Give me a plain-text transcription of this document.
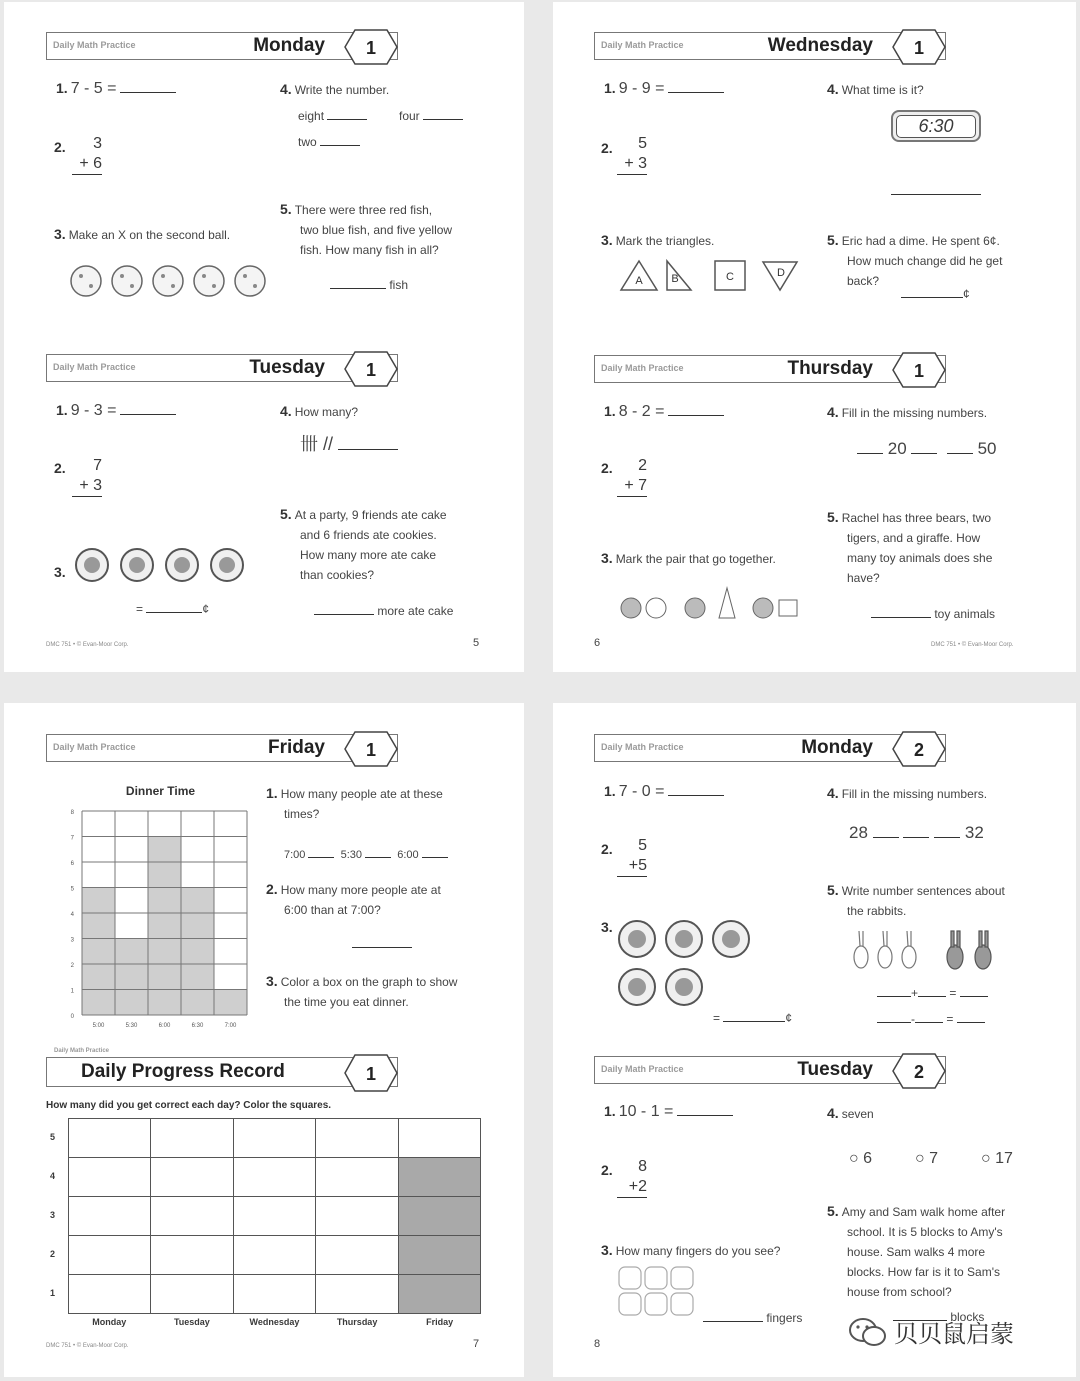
Daily Math Practice	Monday 1
1. 7 - 5 =
2.	3
+ 6
3. Make an X on the second ball.
4. Write the number.
eight	four
two
5. There were three red fish,
two blue fish, and five yellow
fish. How many fish in all?
fish
Daily Math Practice	Tuesday 1
1. 9 - 3 =
2.	7
+ 3
3.
=	¢
4. How many?
卌 //
5. At a party, 9 friends ate cake
and 6 friends ate cookies.
How many more ate cake
than cookies?
more ate cake
DMC 751 • © Evan-Moor Corp.	5
Daily Math Practice	Wednesday 1
1. 9 - 9 =
2.	5
+ 3
3. Mark the triangles.
A	B	C	D
4. What time is it?
6:30
5. Eric had a dime. He spent 6¢.
How much change did he get
back?
¢
Daily Math Practice	Thursday 1
1. 8 - 2 =
2.	2
+ 7
3. Mark the pair that go together.
4. Fill in the missing numbers.
20	50
5. Rachel has three bears, two
tigers, and a giraffe. How
many toy animals does she
have?
toy animals
6	DMC 751 • © Evan-Moor Corp.
Daily Math Practice	Friday 1
Dinner Time
0
1
2
3
4
5
6
7
8
5:00	5:30	6:00	6:30	7:00
1. How many people ate at these
times?
7:00	5:30	6:00
2. How many more people ate at
6:00 than at 7:00?
3. Color a box on the graph to show
the time you eat dinner.
Daily Math Practice
Daily Progress Record	1
How many did you get correct each day? Color the squares.
5
4
3
2
1

Monday	Tuesday	Wednesday	Thursday	Friday
DMC 751 • © Evan-Moor Corp.	7
Daily Math Practice	Monday 2
1. 7 - 0 =
2.	5
+5
3.
=	¢
4. Fill in the missing numbers.
28	32
5. Write number sentences about
the rabbits.
+	=
-	=
Daily Math Practice	Tuesday 2
1. 10 - 1 =
2.	8
+2
3. How many fingers do you see?
fingers
4. seven
○ 6	○ 7	○ 17
5. Amy and Sam walk home after
school. It is 5 blocks to Amy's
house. Sam walks 4 more
blocks. How far is it to Sam's
house from school?
blocks
8	贝贝鼠启蒙
